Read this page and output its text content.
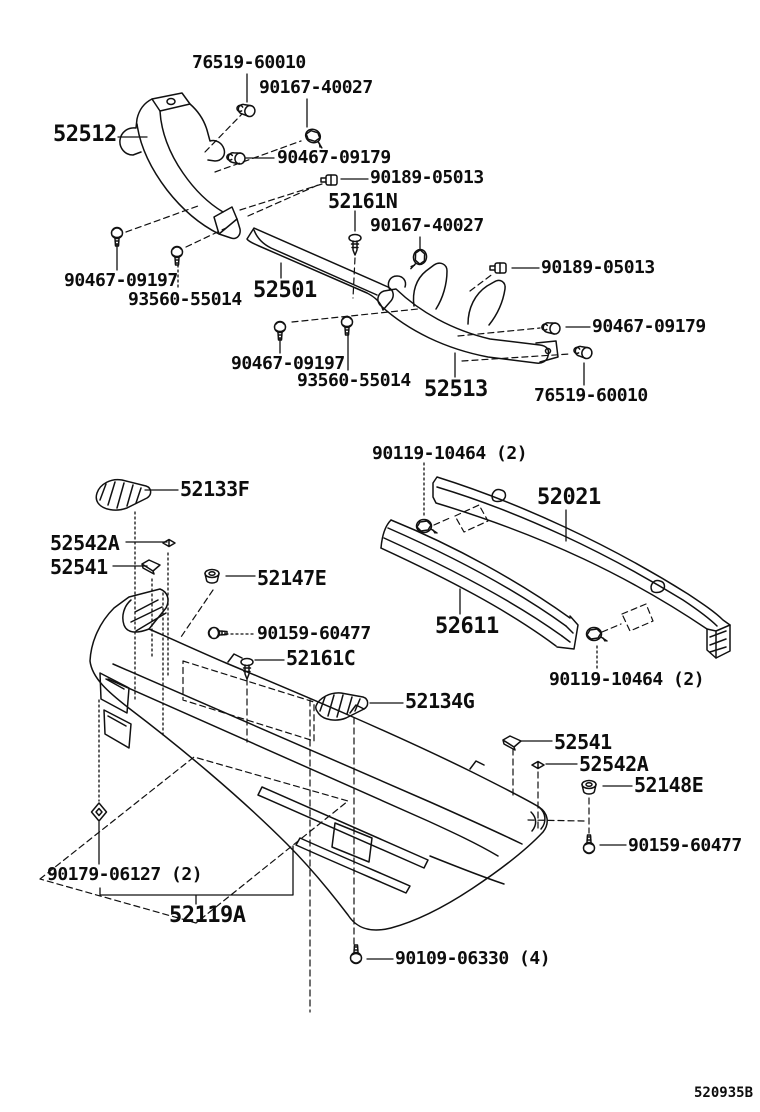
76519-60010
90167-40027
52512
90467-09179
90189-05013
52161N
90167-40027
90189-05013
52501
90467-09197
93560-55014
90467-09197
93560-55014 52513
90467-09179
76519-60010
90119-10464 (2)
52021
52133F
52542A
52541	52147E
52611
90159-60477
52161C
90119-10464 (2)
52134G
52541
52542A
52148E
90159-60477
90179-06127 (2)
52119A
90109-06330 (4)
520935B
